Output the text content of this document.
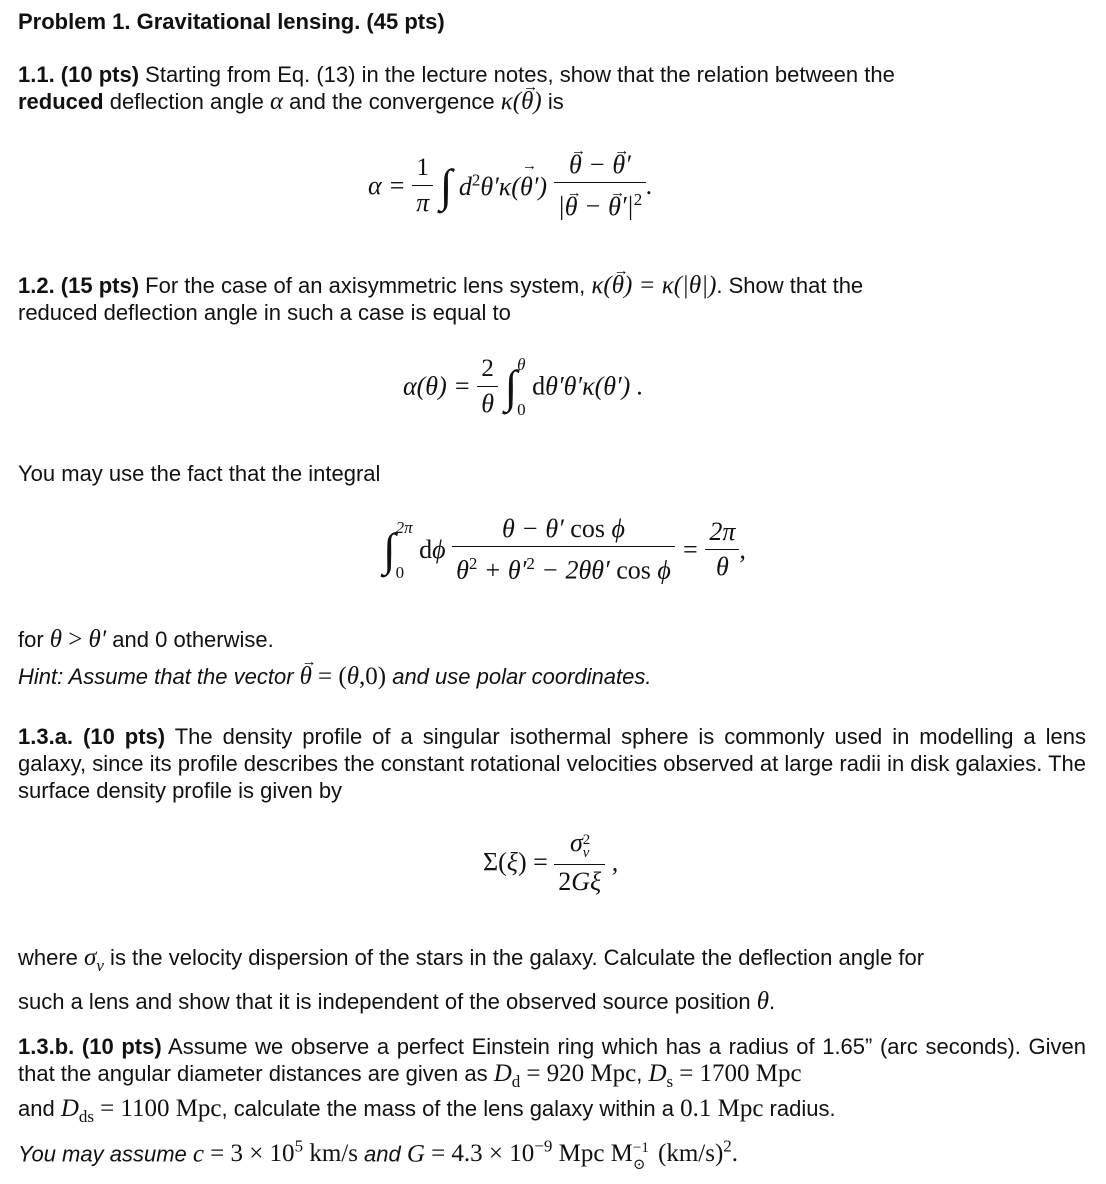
Problem 1. Gravitational lensing. (45 pts)
1.1. (10 pts) Starting from Eq. (13) in the lecture notes, show that the relation between the
reduced deflection angle α and the convergence κ(→ θ) is
$\alpha = \frac{1}{\pi}$ ∫ $d^2\theta'\kappa(\to \theta')$
→ $\frac{\theta - \to \theta'}{|\to \theta - \to \theta'|^2}$ .
1.2. (15 pts) For the case of an axisymmetric lens system, κ(→ θ) = κ(|θ|). Show that the
reduced deflection angle in such a case is equal to
$\alpha(\theta) = \frac{2}{\theta}$ ∫ θ
0
dθ′θ′κ(θ′) .
You may use the fact that the integral
∫ 2π
0
dϕ $\frac{\text{θ − θ′ cos ϕ}}{\theta^2 + \theta'^2 - 2\theta\theta' \cos \phi} = \frac{2\pi}{\theta}$ ,
for θ > θ′ and 0 otherwise.
Hint: Assume that the vector → θ = (θ,0) and use polar coordinates.
1.3.a. (10 pts) The density profile of a singular isothermal sphere is commonly used in modelling a lens galaxy, since its profile describes the constant rotational velocities observed at large radii in disk galaxies. The surface density profile is given by
Σ(ξ) = σ 2
v
2Gξ ,
where $\sigma_v$ is the velocity dispersion of the stars in the galaxy. Calculate the deflection angle for
such a lens and show that it is independent of the observed source position θ.
1.3.b. (10 pts) Assume we observe a perfect Einstein ring which has a radius of 1.65” (arc seconds). Given that the angular diameter distances are given as $D_d = 920$ Mpc, $D_s = 1700$ Mpc
and $D_{ds} = 1100$ Mpc, calculate the mass of the lens galaxy within a 0.1 Mpc radius.
You may assume $c = 3 \times 10^5$ km/s and $G = 4.3 \times 10^{-9}$ Mpc M −1
⊙  $(km/s)^2$.
